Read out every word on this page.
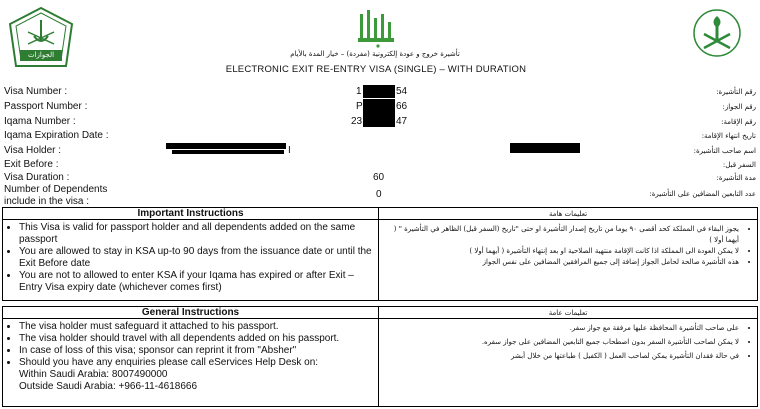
الجوازات	تأشيرة خروج و عودة إلكترونية (مفردة) – خيار المدة بالأيام
ELECTRONIC EXIT RE-ENTRY VISA (SINGLE) – WITH DURATION
Visa Number :	1	54	رقم التأشيرة:
Passport Number :	P	66	رقم الجواز:
Iqama Number :	23	47	رقم الإقامة:
Iqama Expiration Date :	تاريخ انتهاء الإقامة:
Visa Holder :	I	اسم صاحب التأشيرة:
Exit Before :	السفر قبل:
Visa Duration :	60	مدة التأشيرة:
Number of Dependents include in the visa :
0	عدد التابعين المضافين على التأشيرة:
Important Instructions	تعليمات هامة
• This Visa is valid for passport holder and all dependents added on the same passport
• You are allowed to stay in KSA up-to 90 days from the issuance date or until the Exit Before date
• You are not to allowed to enter KSA if your Iqama has expired or after Exit –Entry Visa expiry date (whichever comes first)
• يجوز البقاء في المملكة كحد أقصى ٩٠ يوما من تاريخ إصدار التأشيرة او حتى "تاريخ (السفر قبل) الظاهر في التأشيرة " ( أيهما أولا )
• لا يمكن العودة الى المملكة اذا كانت الإقامة منتهية الصلاحية او بعد إنتهاء التأشيرة ( أيهما أولا )
• هذه التأشيرة صالحة لحامل الجواز إضافة إلى جميع المرافقين المضافين على نفس الجواز
General Instructions	تعليمات عامة
• The visa holder must safeguard it attached to his passport.
• The visa holder should travel with all dependents added on his passport.
• In case of loss of this visa; sponsor can reprint it from "Absher"
• Should you have any enquiries please call eServices Help Desk on:
Within Saudi Arabia: 8007490000
Outside Saudi Arabia: +966-11-4618666
• على صاحب التأشيرة المحافظة عليها مرفقة مع جواز سفر.
• لا يمكن لصاحب التأشيرة السفر بدون اصطحاب جميع التابعين المضافين على جواز سفره.
• في حالة فقدان التأشيرة يمكن لصاحب العمل ( الكفيل ) طباعتها من خلال أبشر
